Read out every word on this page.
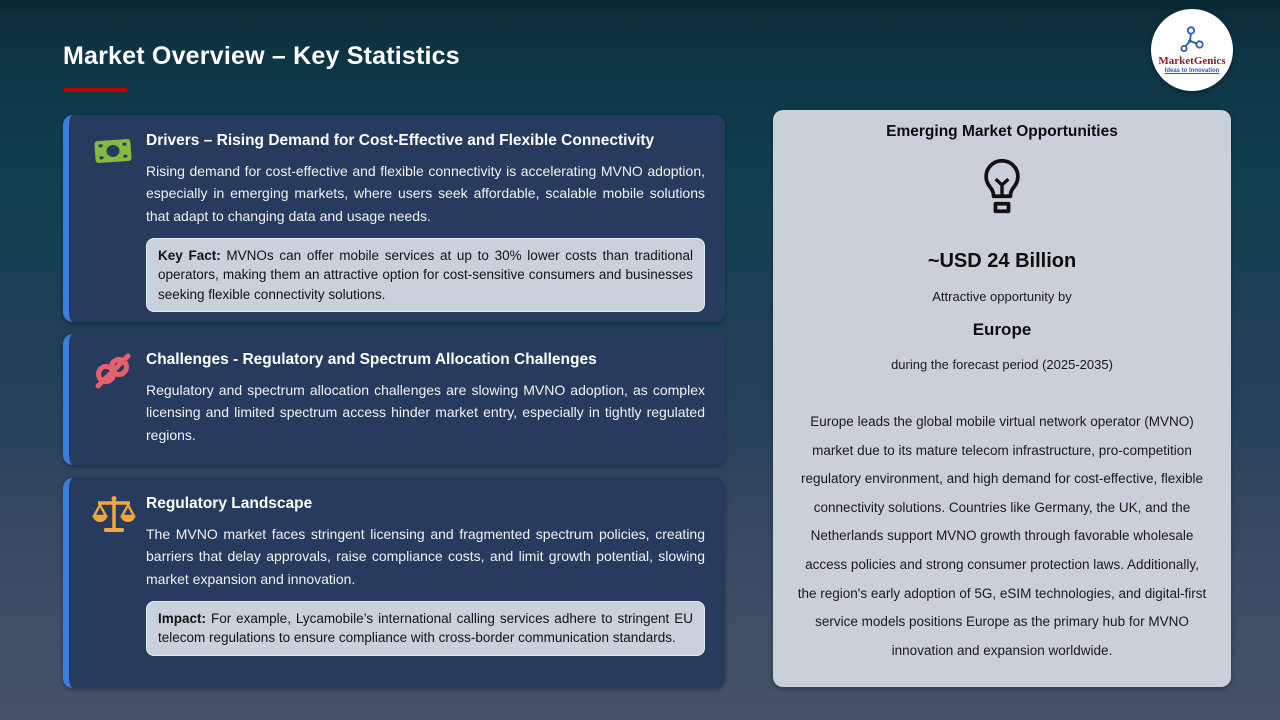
Market Overview – Key Statistics	MarketGenics
Ideas to Innovation
Drivers – Rising Demand for Cost-Effective and Flexible Connectivity

Rising demand for cost-effective and flexible connectivity is accelerating MVNO adoption, especially in emerging markets, where users seek affordable, scalable mobile solutions that adapt to changing data and usage needs.

Key Fact: MVNOs can offer mobile services at up to 30% lower costs than traditional operators, making them an attractive option for cost-sensitive consumers and businesses seeking flexible connectivity solutions.
Challenges - Regulatory and Spectrum Allocation Challenges

Regulatory and spectrum allocation challenges are slowing MVNO adoption, as complex licensing and limited spectrum access hinder market entry, especially in tightly regulated regions.

Regulatory Landscape

The MVNO market faces stringent licensing and fragmented spectrum policies, creating barriers that delay approvals, raise compliance costs, and limit growth potential, slowing market expansion and innovation.

Impact: For example, Lycamobile’s international calling services adhere to stringent EU telecom regulations to ensure compliance with cross-border communication standards.
Emerging Market Opportunities
~USD 24 Billion
Attractive opportunity by
Europe
during the forecast period (2025-2035)

Europe leads the global mobile virtual network operator (MVNO) market due to its mature telecom infrastructure, pro-competition regulatory environment, and high demand for cost-effective, flexible connectivity solutions. Countries like Germany, the UK, and the Netherlands support MVNO growth through favorable wholesale access policies and strong consumer protection laws. Additionally, the region's early adoption of 5G, eSIM technologies, and digital-first service models positions Europe as the primary hub for MVNO innovation and expansion worldwide.
